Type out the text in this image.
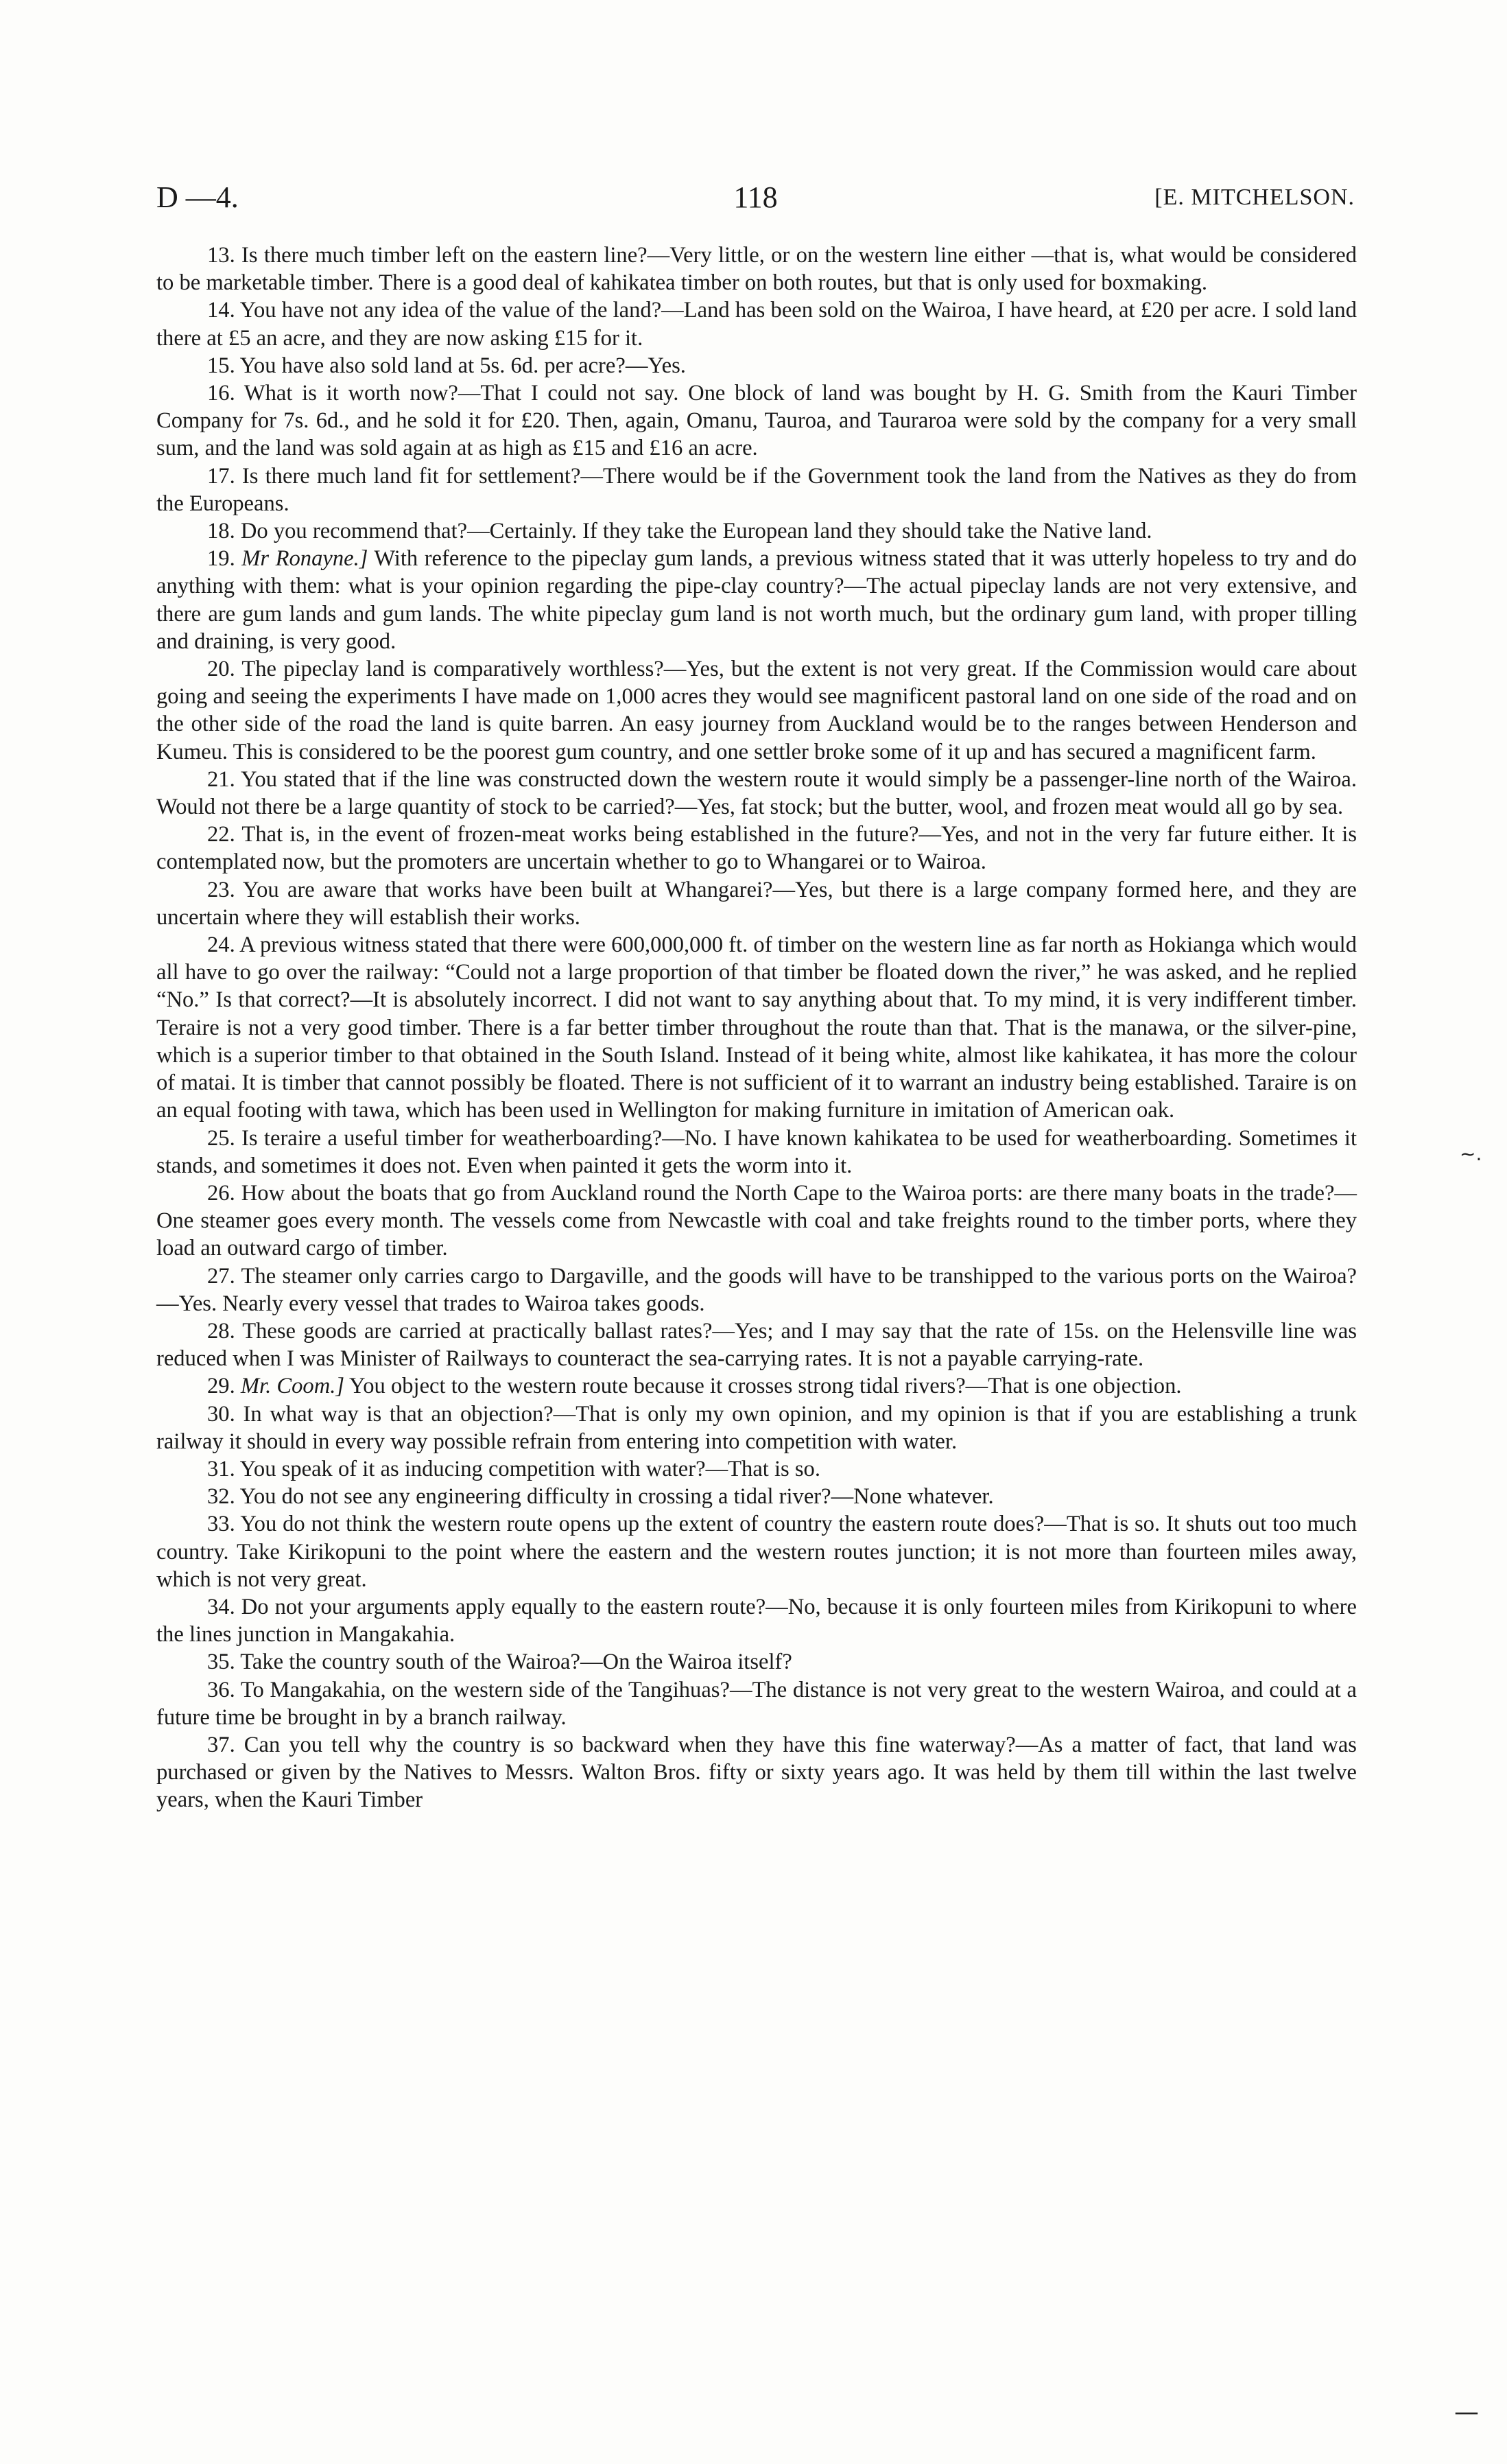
D —4.	118	[E. MITCHELSON.

13. Is there much timber left on the eastern line?—Very little, or on the western line either —that is, what would be considered to be marketable timber. There is a good deal of kahikatea timber on both routes, but that is only used for boxmaking.

14. You have not any idea of the value of the land?—Land has been sold on the Wairoa, I have heard, at £20 per acre. I sold land there at £5 an acre, and they are now asking £15 for it.

15. You have also sold land at 5s. 6d. per acre?—Yes.

16. What is it worth now?—That I could not say. One block of land was bought by H. G. Smith from the Kauri Timber Company for 7s. 6d., and he sold it for £20. Then, again, Omanu, Tauroa, and Tauraroa were sold by the company for a very small sum, and the land was sold again at as high as £15 and £16 an acre.

17. Is there much land fit for settlement?—There would be if the Government took the land from the Natives as they do from the Europeans.

18. Do you recommend that?—Certainly. If they take the European land they should take the Native land.

19. Mr Ronayne.] With reference to the pipeclay gum lands, a previous witness stated that it was utterly hopeless to try and do anything with them: what is your opinion regarding the pipe-clay country?—The actual pipeclay lands are not very extensive, and there are gum lands and gum lands. The white pipeclay gum land is not worth much, but the ordinary gum land, with proper tilling and draining, is very good.

20. The pipeclay land is comparatively worthless?—Yes, but the extent is not very great. If the Commission would care about going and seeing the experiments I have made on 1,000 acres they would see magnificent pastoral land on one side of the road and on the other side of the road the land is quite barren. An easy journey from Auckland would be to the ranges between Henderson and Kumeu. This is considered to be the poorest gum country, and one settler broke some of it up and has secured a magnificent farm.

21. You stated that if the line was constructed down the western route it would simply be a passenger-line north of the Wairoa. Would not there be a large quantity of stock to be carried?—Yes, fat stock; but the butter, wool, and frozen meat would all go by sea.

22. That is, in the event of frozen-meat works being established in the future?—Yes, and not in the very far future either. It is contemplated now, but the promoters are uncertain whether to go to Whangarei or to Wairoa.

23. You are aware that works have been built at Whangarei?—Yes, but there is a large company formed here, and they are uncertain where they will establish their works.

24. A previous witness stated that there were 600,000,000 ft. of timber on the western line as far north as Hokianga which would all have to go over the railway: “Could not a large proportion of that timber be floated down the river,” he was asked, and he replied “No.” Is that correct?—It is absolutely incorrect. I did not want to say anything about that. To my mind, it is very indifferent timber. Teraire is not a very good timber. There is a far better timber throughout the route than that. That is the manawa, or the silver-pine, which is a superior timber to that obtained in the South Island. Instead of it being white, almost like kahikatea, it has more the colour of matai. It is timber that cannot possibly be floated. There is not sufficient of it to warrant an industry being established. Taraire is on an equal footing with tawa, which has been used in Wellington for making furniture in imitation of American oak.

25. Is teraire a useful timber for weatherboarding?—No. I have known kahikatea to be used for weatherboarding. Sometimes it stands, and sometimes it does not. Even when painted it gets the worm into it.

26. How about the boats that go from Auckland round the North Cape to the Wairoa ports: are there many boats in the trade?—One steamer goes every month. The vessels come from Newcastle with coal and take freights round to the timber ports, where they load an outward cargo of timber.

27. The steamer only carries cargo to Dargaville, and the goods will have to be transhipped to the various ports on the Wairoa?—Yes. Nearly every vessel that trades to Wairoa takes goods.

28. These goods are carried at practically ballast rates?—Yes; and I may say that the rate of 15s. on the Helensville line was reduced when I was Minister of Railways to counteract the sea-carrying rates. It is not a payable carrying-rate.

29. Mr. Coom.] You object to the western route because it crosses strong tidal rivers?—That is one objection.

30. In what way is that an objection?—That is only my own opinion, and my opinion is that if you are establishing a trunk railway it should in every way possible refrain from entering into competition with water.

31. You speak of it as inducing competition with water?—That is so.

32. You do not see any engineering difficulty in crossing a tidal river?—None whatever.

33. You do not think the western route opens up the extent of country the eastern route does?—That is so. It shuts out too much country. Take Kirikopuni to the point where the eastern and the western routes junction; it is not more than fourteen miles away, which is not very great.

34. Do not your arguments apply equally to the eastern route?—No, because it is only fourteen miles from Kirikopuni to where the lines junction in Mangakahia.

35. Take the country south of the Wairoa?—On the Wairoa itself?

36. To Mangakahia, on the western side of the Tangihuas?—The distance is not very great to the western Wairoa, and could at a future time be brought in by a branch railway.

37. Can you tell why the country is so backward when they have this fine waterway?—As a matter of fact, that land was purchased or given by the Natives to Messrs. Walton Bros. fifty or sixty years ago. It was held by them till within the last twelve years, when the Kauri Timber

~.
—
